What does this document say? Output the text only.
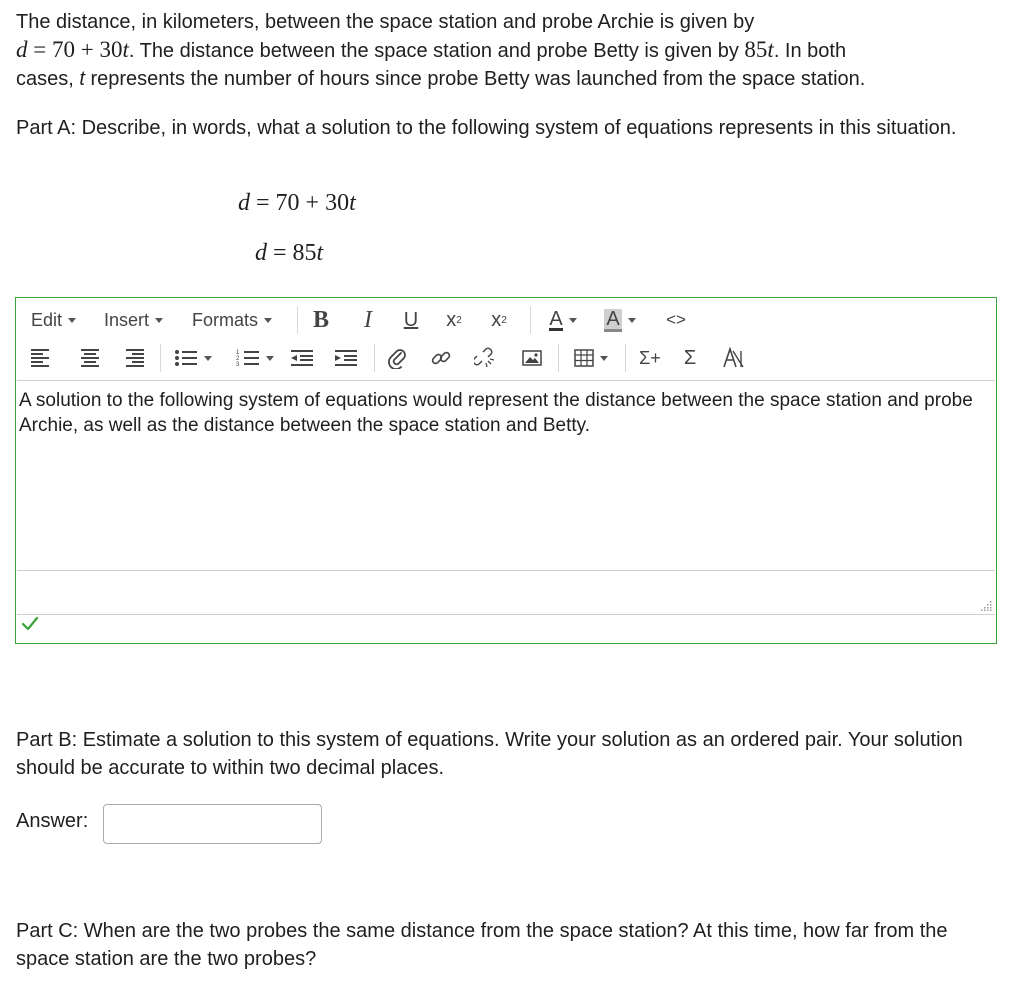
The distance, in kilometers, between the space station and probe Archie is given by
d = 70 + 30t. The distance between the space station and probe Betty is given by 85t. In both
cases, t represents the number of hours since probe Betty was launched from the space station.

Part A: Describe, in words, what a solution to the following system of equations represents in this situation.

d = 70 + 30t
d = 85t
Edit Insert Formats B I U x 2 x 2 A A	<>
1
2
3	Σ+ Σ
A solution to the following system of equations would represent the distance between the space station and probe Archie, as well as the distance between the space station and Betty.

Part B: Estimate a solution to this system of equations. Write your solution as an ordered pair. Your solution should be accurate to within two decimal places.

Answer:

Part C: When are the two probes the same distance from the space station? At this time, how far from the space station are the two probes?
